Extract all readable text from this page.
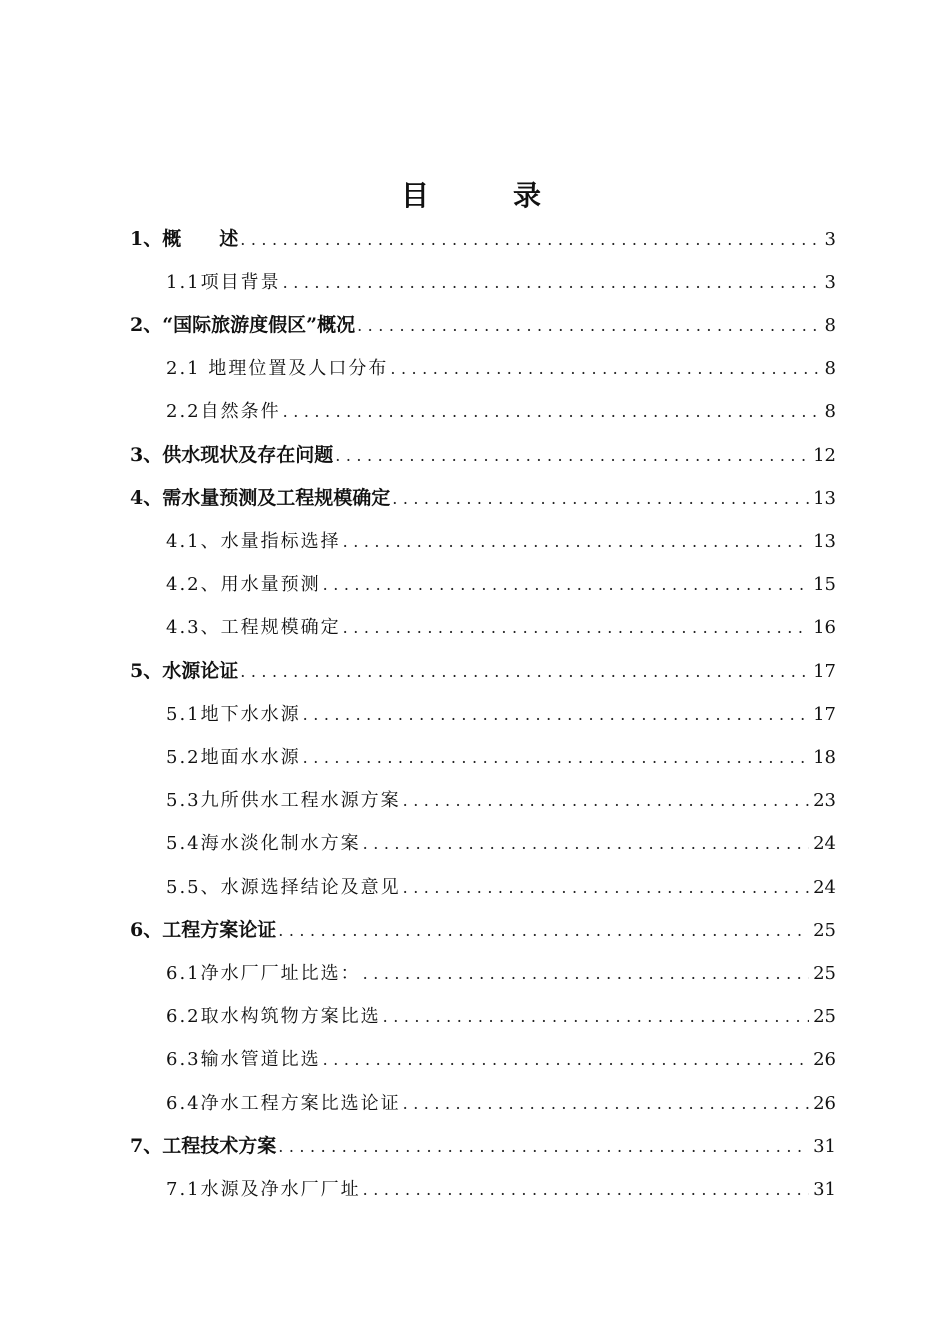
目　录
1、概　　述 .....	3
1.1项目背景 .....	3
2、“国际旅游度假区”概况 .....	8
2.1 地理位置及人口分布 .....	8
2.2自然条件 .....	8
3、供水现状及存在问题 .....	12
4、需水量预测及工程规模确定 .....	13
4.1、水量指标选择 .....	13
4.2、用水量预测 .....	15
4.3、工程规模确定 .....	16
5、水源论证 .....	17
5.1地下水水源 .....	17
5.2地面水水源 .....	18
5.3九所供水工程水源方案 .....	23
5.4海水淡化制水方案 .....	24
5.5、水源选择结论及意见 .....	24
6、工程方案论证 .....	25
6.1净水厂厂址比选： .....	25
6.2取水构筑物方案比选 .....	25
6.3输水管道比选 .....	26
6.4净水工程方案比选论证 .....	26
7、工程技术方案 .....	31
7.1水源及净水厂厂址 .....	31
